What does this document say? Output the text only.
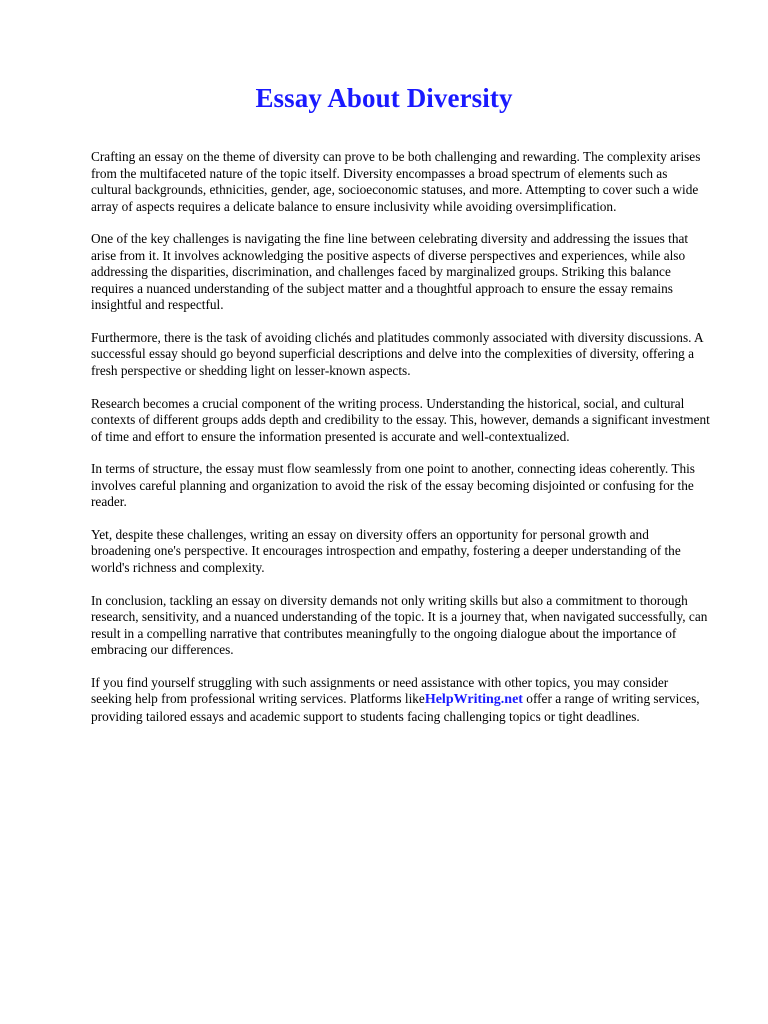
Essay About Diversity

Crafting an essay on the theme of diversity can prove to be both challenging and rewarding. The complexity arises from the multifaceted nature of the topic itself. Diversity encompasses a broad spectrum of elements such as cultural backgrounds, ethnicities, gender, age, socioeconomic statuses, and more. Attempting to cover such a wide array of aspects requires a delicate balance to ensure inclusivity while avoiding oversimplification.

One of the key challenges is navigating the fine line between celebrating diversity and addressing the issues that arise from it. It involves acknowledging the positive aspects of diverse perspectives and experiences, while also addressing the disparities, discrimination, and challenges faced by marginalized groups. Striking this balance requires a nuanced understanding of the subject matter and a thoughtful approach to ensure the essay remains insightful and respectful.

Furthermore, there is the task of avoiding clichés and platitudes commonly associated with diversity discussions. A successful essay should go beyond superficial descriptions and delve into the complexities of diversity, offering a fresh perspective or shedding light on lesser-known aspects.

Research becomes a crucial component of the writing process. Understanding the historical, social, and cultural contexts of different groups adds depth and credibility to the essay. This, however, demands a significant investment of time and effort to ensure the information presented is accurate and well-contextualized.

In terms of structure, the essay must flow seamlessly from one point to another, connecting ideas coherently. This involves careful planning and organization to avoid the risk of the essay becoming disjointed or confusing for the reader.

Yet, despite these challenges, writing an essay on diversity offers an opportunity for personal growth and broadening one's perspective. It encourages introspection and empathy, fostering a deeper understanding of the world's richness and complexity.

In conclusion, tackling an essay on diversity demands not only writing skills but also a commitment to thorough research, sensitivity, and a nuanced understanding of the topic. It is a journey that, when navigated successfully, can result in a compelling narrative that contributes meaningfully to the ongoing dialogue about the importance of embracing our differences.

If you find yourself struggling with such assignments or need assistance with other topics, you may consider seeking help from professional writing services. Platforms likeHelpWriting.net offer a range of writing services, providing tailored essays and academic support to students facing challenging topics or tight deadlines.
